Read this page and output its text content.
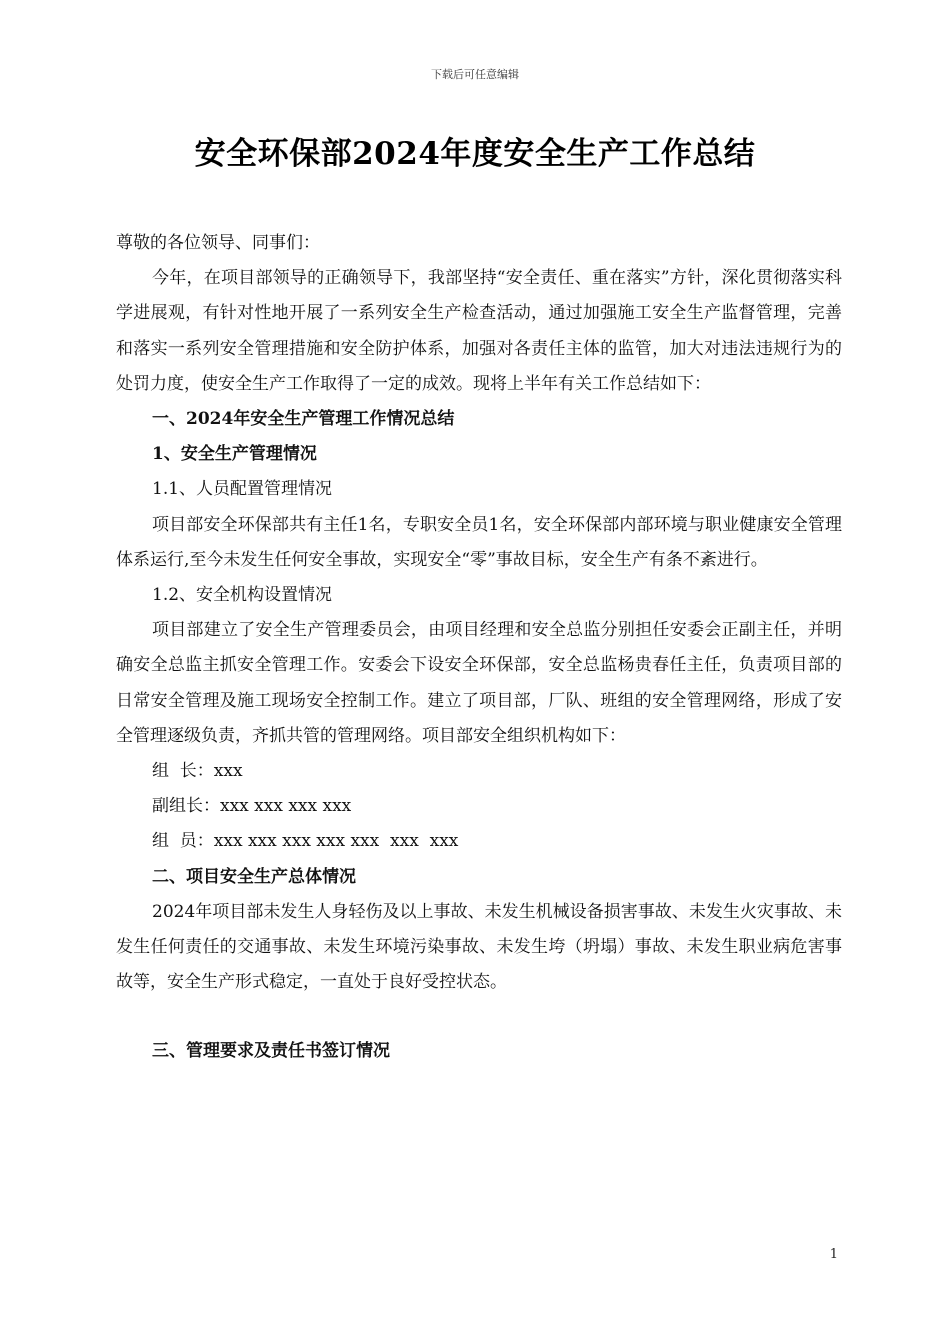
下载后可任意编辑
安全环保部2024年度安全生产工作总结

尊敬的各位领导、同事们：

今年，在项目部领导的正确领导下，我部坚持“安全责任、重在落实”方针，深化贯彻落实科学进展观，有针对性地开展了一系列安全生产检查活动，通过加强施工安全生产监督管理，完善和落实一系列安全管理措施和安全防护体系，加强对各责任主体的监管，加大对违法违规行为的处罚力度，使安全生产工作取得了一定的成效。现将上半年有关工作总结如下：

一、2024年安全生产管理工作情况总结

1、安全生产管理情况

1.1、人员配置管理情况

项目部安全环保部共有主任1名，专职安全员1名，安全环保部内部环境与职业健康安全管理体系运行,至今未发生任何安全事故，实现安全“零”事故目标，安全生产有条不紊进行。

1.2、安全机构设置情况

项目部建立了安全生产管理委员会，由项目经理和安全总监分别担任安委会正副主任，并明确安全总监主抓安全管理工作。安委会下设安全环保部，安全总监杨贵春任主任，负责项目部的日常安全管理及施工现场安全控制工作。建立了项目部，厂队、班组的安全管理网络，形成了安全管理逐级负责，齐抓共管的管理网络。项目部安全组织机构如下：

组  长：xxx

副组长：xxx xxx xxx xxx

组  员：xxx xxx xxx xxx xxx  xxx  xxx

二、项目安全生产总体情况

2024年项目部未发生人身轻伤及以上事故、未发生机械设备损害事故、未发生火灾事故、未发生任何责任的交通事故、未发生环境污染事故、未发生垮（坍塌）事故、未发生职业病危害事故等，安全生产形式稳定，一直处于良好受控状态。

三、管理要求及责任书签订情况

1
